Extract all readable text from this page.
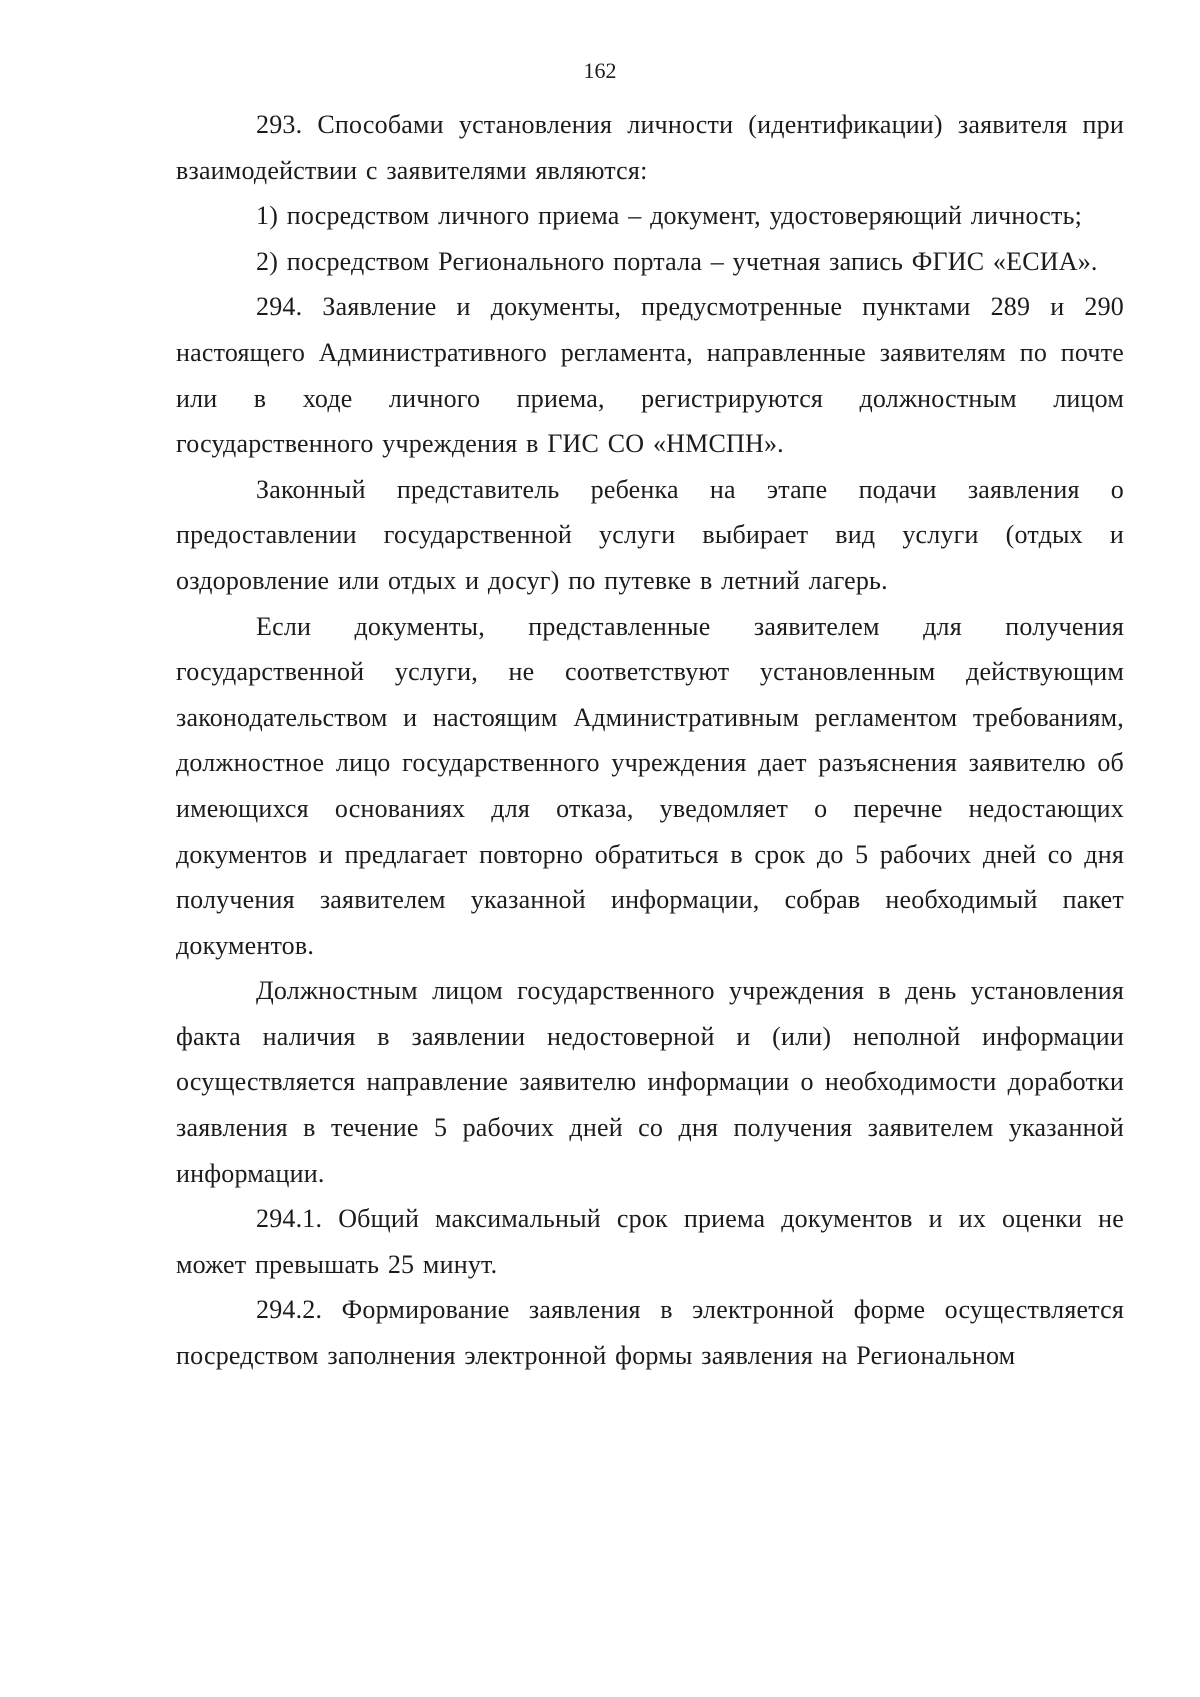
162

293. Способами установления личности (идентификации) заявителя при взаимодействии с заявителями являются:

1) посредством личного приема – документ, удостоверяющий личность;

2) посредством Регионального портала – учетная запись ФГИС «ЕСИА».

294. Заявление и документы, предусмотренные пунктами 289 и 290 настоящего Административного регламента, направленные заявителям по почте или в ходе личного приема, регистрируются должностным лицом государственного учреждения в ГИС СО «НМСПН».

Законный представитель ребенка на этапе подачи заявления о предоставлении государственной услуги выбирает вид услуги (отдых и оздоровление или отдых и досуг) по путевке в летний лагерь.

Если документы, представленные заявителем для получения государственной услуги, не соответствуют установленным действующим законодательством и настоящим Административным регламентом требованиям, должностное лицо государственного учреждения дает разъяснения заявителю об имеющихся основаниях для отказа, уведомляет о перечне недостающих документов и предлагает повторно обратиться в срок до 5 рабочих дней со дня получения заявителем указанной информации, собрав необходимый пакет документов.

Должностным лицом государственного учреждения в день установления факта наличия в заявлении недостоверной и (или) неполной информации осуществляется направление заявителю информации о необходимости доработки заявления в течение 5 рабочих дней со дня получения заявителем указанной информации.

294.1. Общий максимальный срок приема документов и их оценки не может превышать 25 минут.

294.2. Формирование заявления в электронной форме осуществляется посредством заполнения электронной формы заявления на Региональном
